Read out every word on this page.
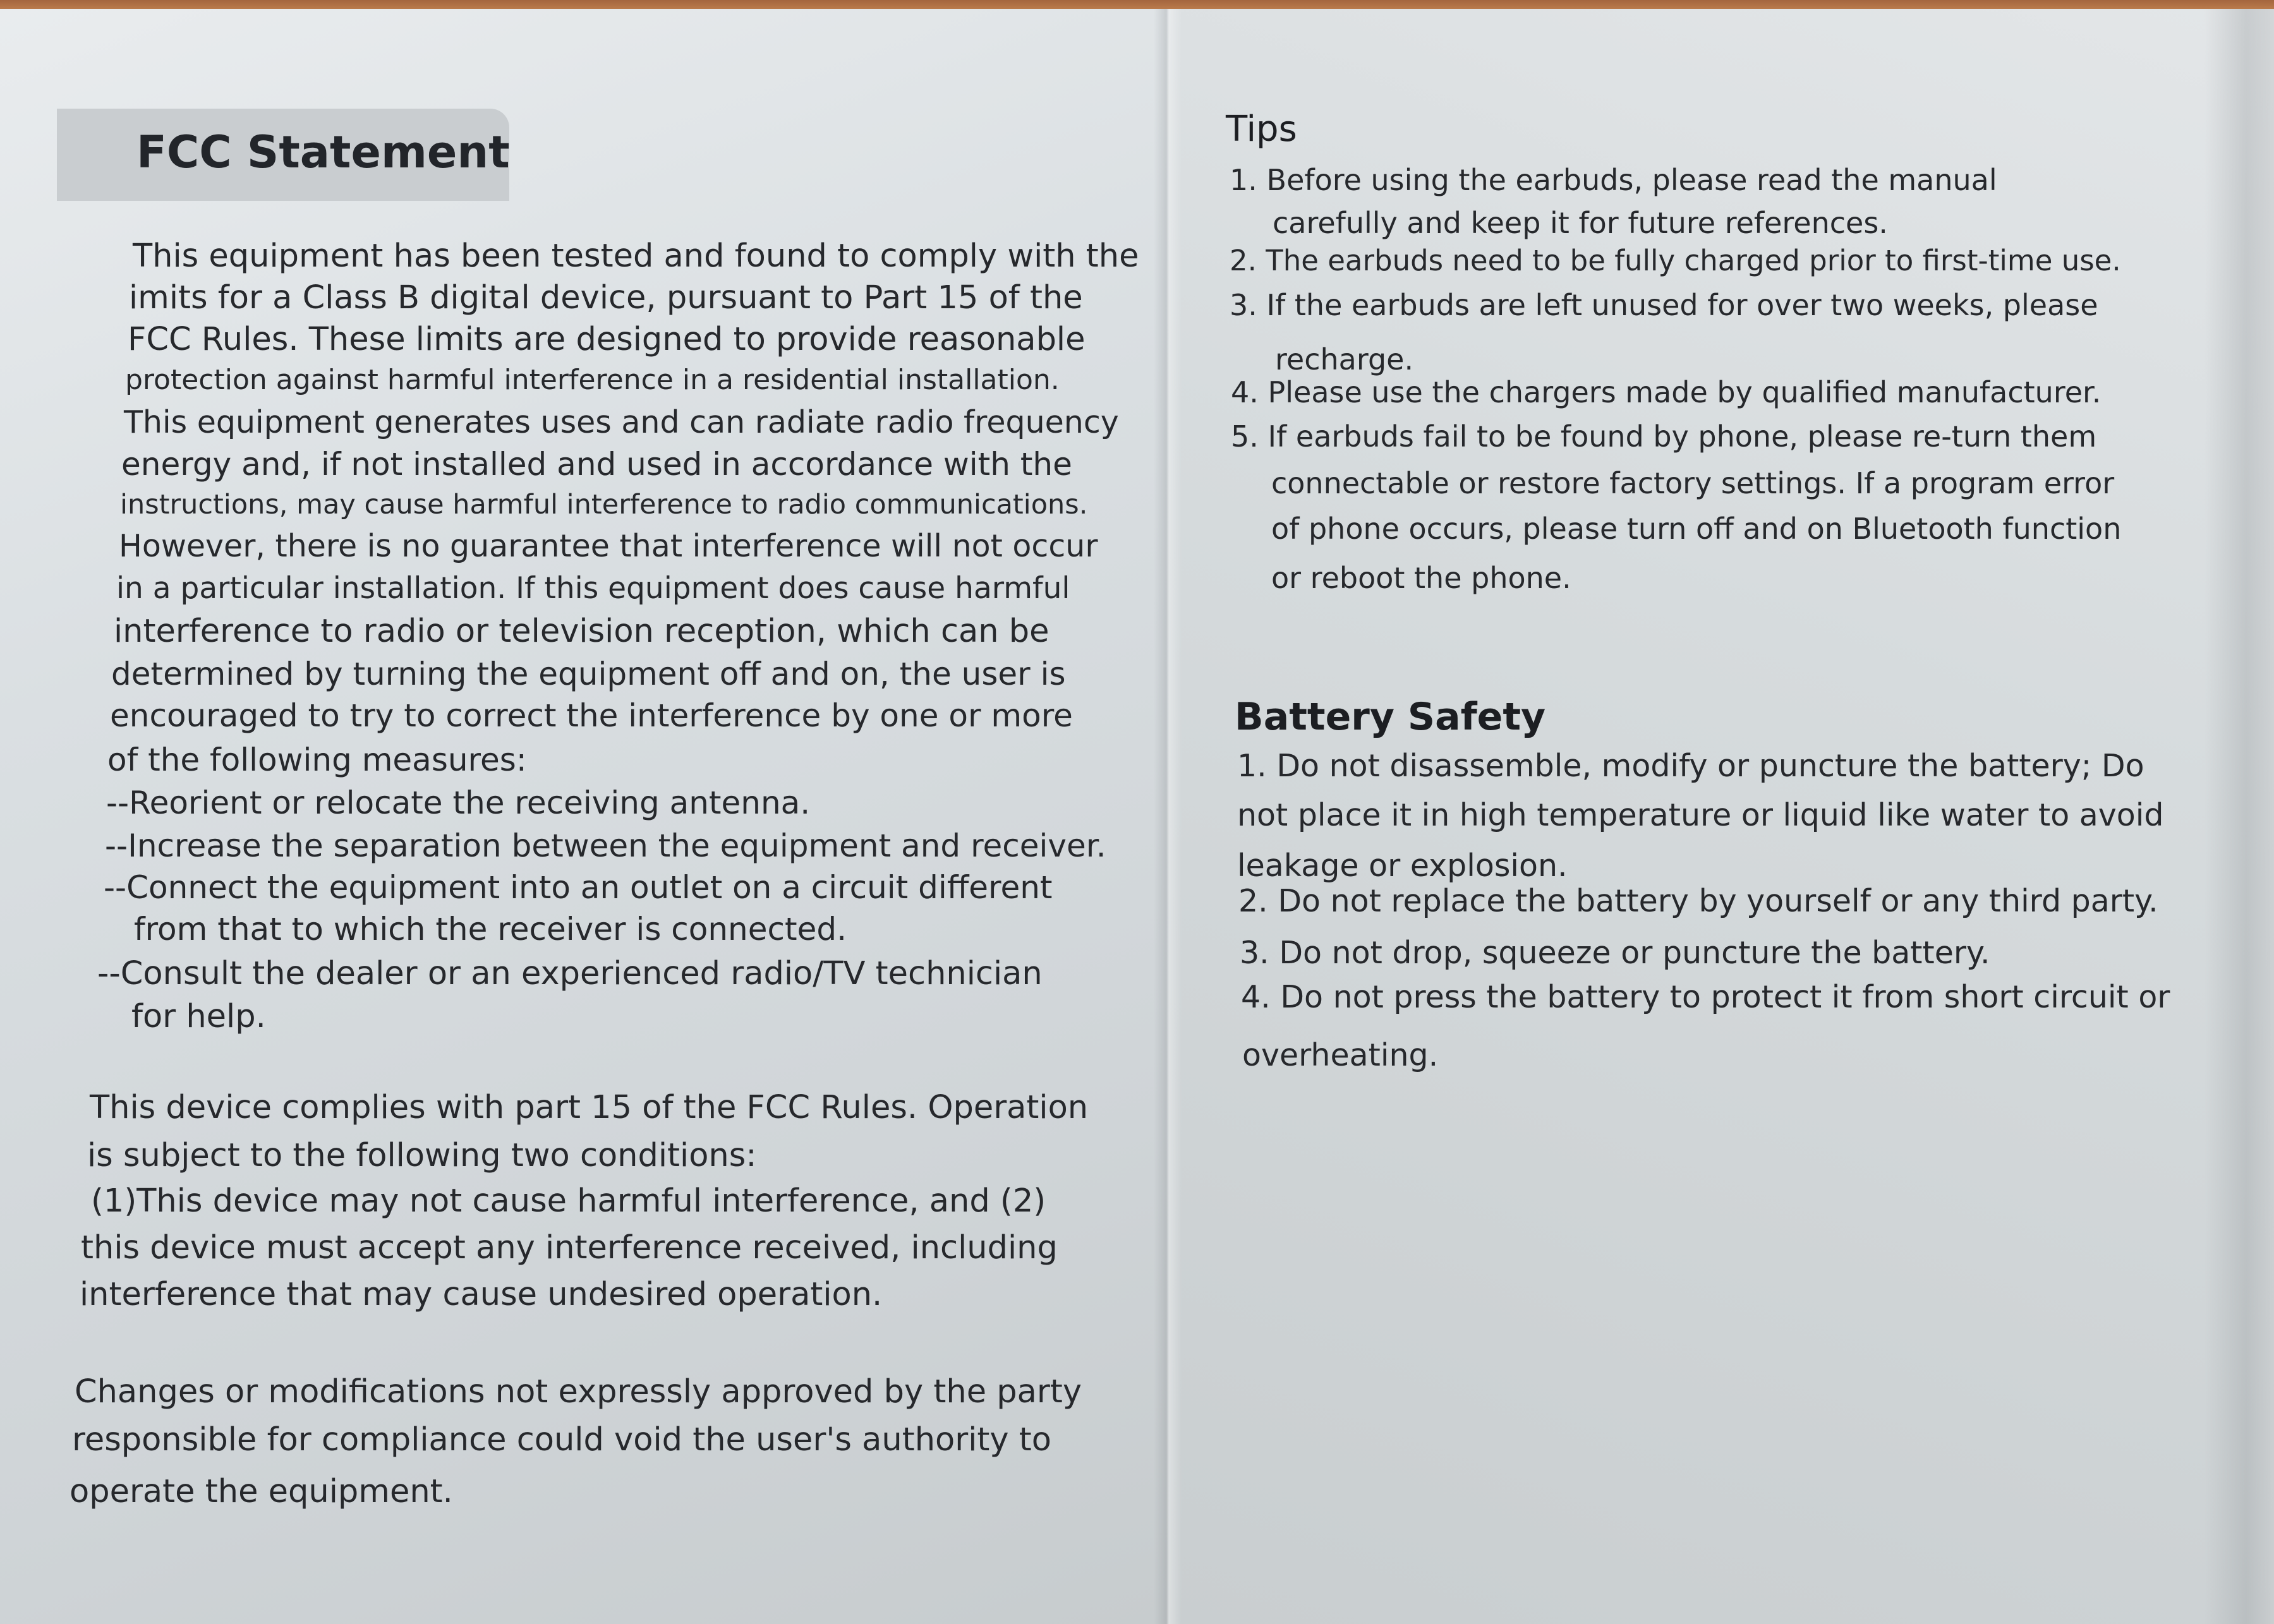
FCC Statement
This equipment has been tested and found to comply with the
imits for a Class B digital device, pursuant to Part 15 of the
FCC Rules. These limits are designed to provide reasonable
protection against harmful interference in a residential installation.
This equipment generates uses and can radiate radio frequency
energy and, if not installed and used in accordance with the
instructions, may cause harmful interference to radio communications.
However, there is no guarantee that interference will not occur
in a particular installation. If this equipment does cause harmful
interference to radio or television reception, which can be
determined by turning the equipment off and on, the user is
encouraged to try to correct the interference by one or more
of the following measures:
--Reorient or relocate the receiving antenna.
--Increase the separation between the equipment and receiver.
--Connect the equipment into an outlet on a circuit different
from that to which the receiver is connected.
--Consult the dealer or an experienced radio/TV technician
for help.
This device complies with part 15 of the FCC Rules. Operation
is subject to the following two conditions:
(1)This device may not cause harmful interference, and (2)
this device must accept any interference received, including
interference that may cause undesired operation.
Changes or modifications not expressly approved by the party
responsible for compliance could void the user's authority to
operate the equipment.
Tips
1. Before using the earbuds, please read the manual
carefully and keep it for future references.
2. The earbuds need to be fully charged prior to first-time use.
3. If the earbuds are left unused for over two weeks, please
recharge.
4. Please use the chargers made by qualified manufacturer.
5. If earbuds fail to be found by phone, please re-turn them
connectable or restore factory settings. If a program error
of phone occurs, please turn off and on Bluetooth function
or reboot the phone.
Battery Safety
1. Do not disassemble, modify or puncture the battery; Do
not place it in high temperature or liquid like water to avoid
leakage or explosion.
2. Do not replace the battery by yourself or any third party.
3. Do not drop, squeeze or puncture the battery.
4. Do not press the battery to protect it from short circuit or
overheating.
